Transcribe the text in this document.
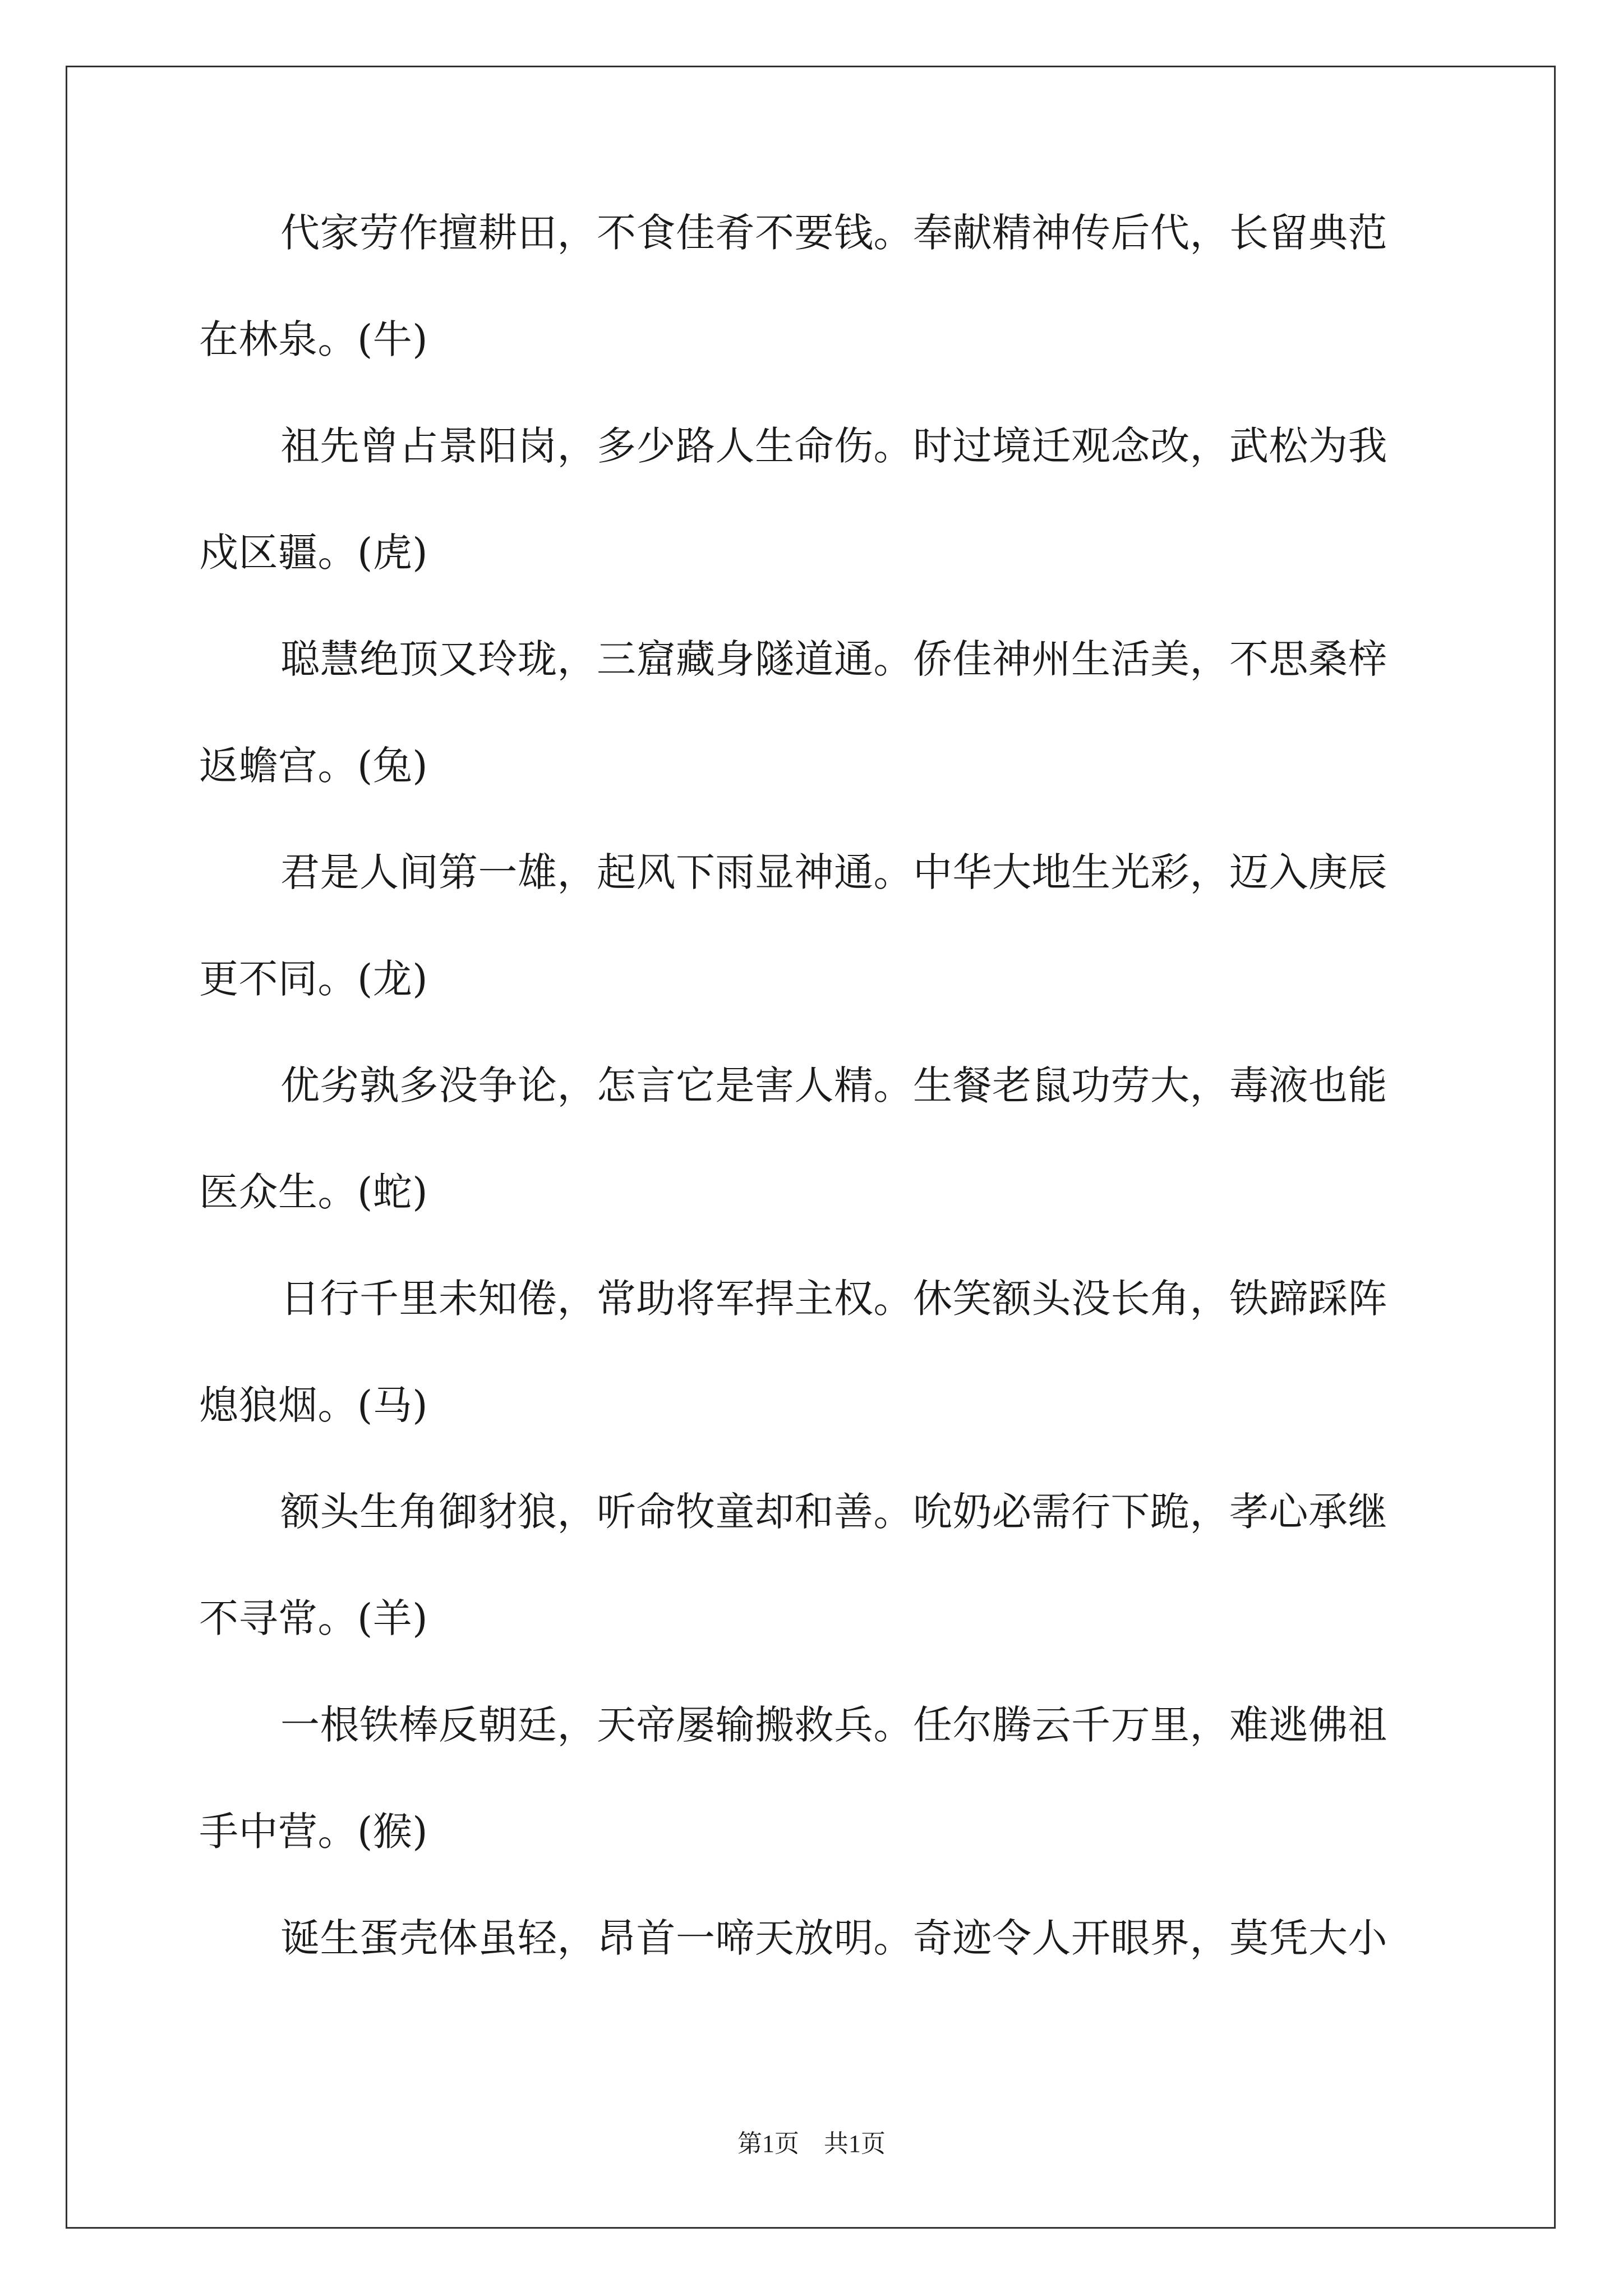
代家劳作擅耕田，不食佳肴不要钱。奉献精神传后代，长留典范
在林泉。(牛)
祖先曾占景阳岗，多少路人生命伤。时过境迁观念改，武松为我
戍区疆。(虎)
聪慧绝顶又玲珑，三窟藏身隧道通。侨佳神州生活美，不思桑梓
返蟾宫。(兔)
君是人间第一雄，起风下雨显神通。中华大地生光彩，迈入庚辰
更不同。(龙)
优劣孰多没争论，怎言它是害人精。生餐老鼠功劳大，毒液也能
医众生。(蛇)
日行千里未知倦，常助将军捍主权。休笑额头没长角，铁蹄踩阵
熄狼烟。(马)
额头生角御豺狼，听命牧童却和善。吮奶必需行下跪，孝心承继
不寻常。(羊)
一根铁棒反朝廷，天帝屡输搬救兵。任尔腾云千万里，难逃佛祖
手中营。(猴)
诞生蛋壳体虽轻，昂首一啼天放明。奇迹令人开眼界，莫凭大小
第1页　共1页
